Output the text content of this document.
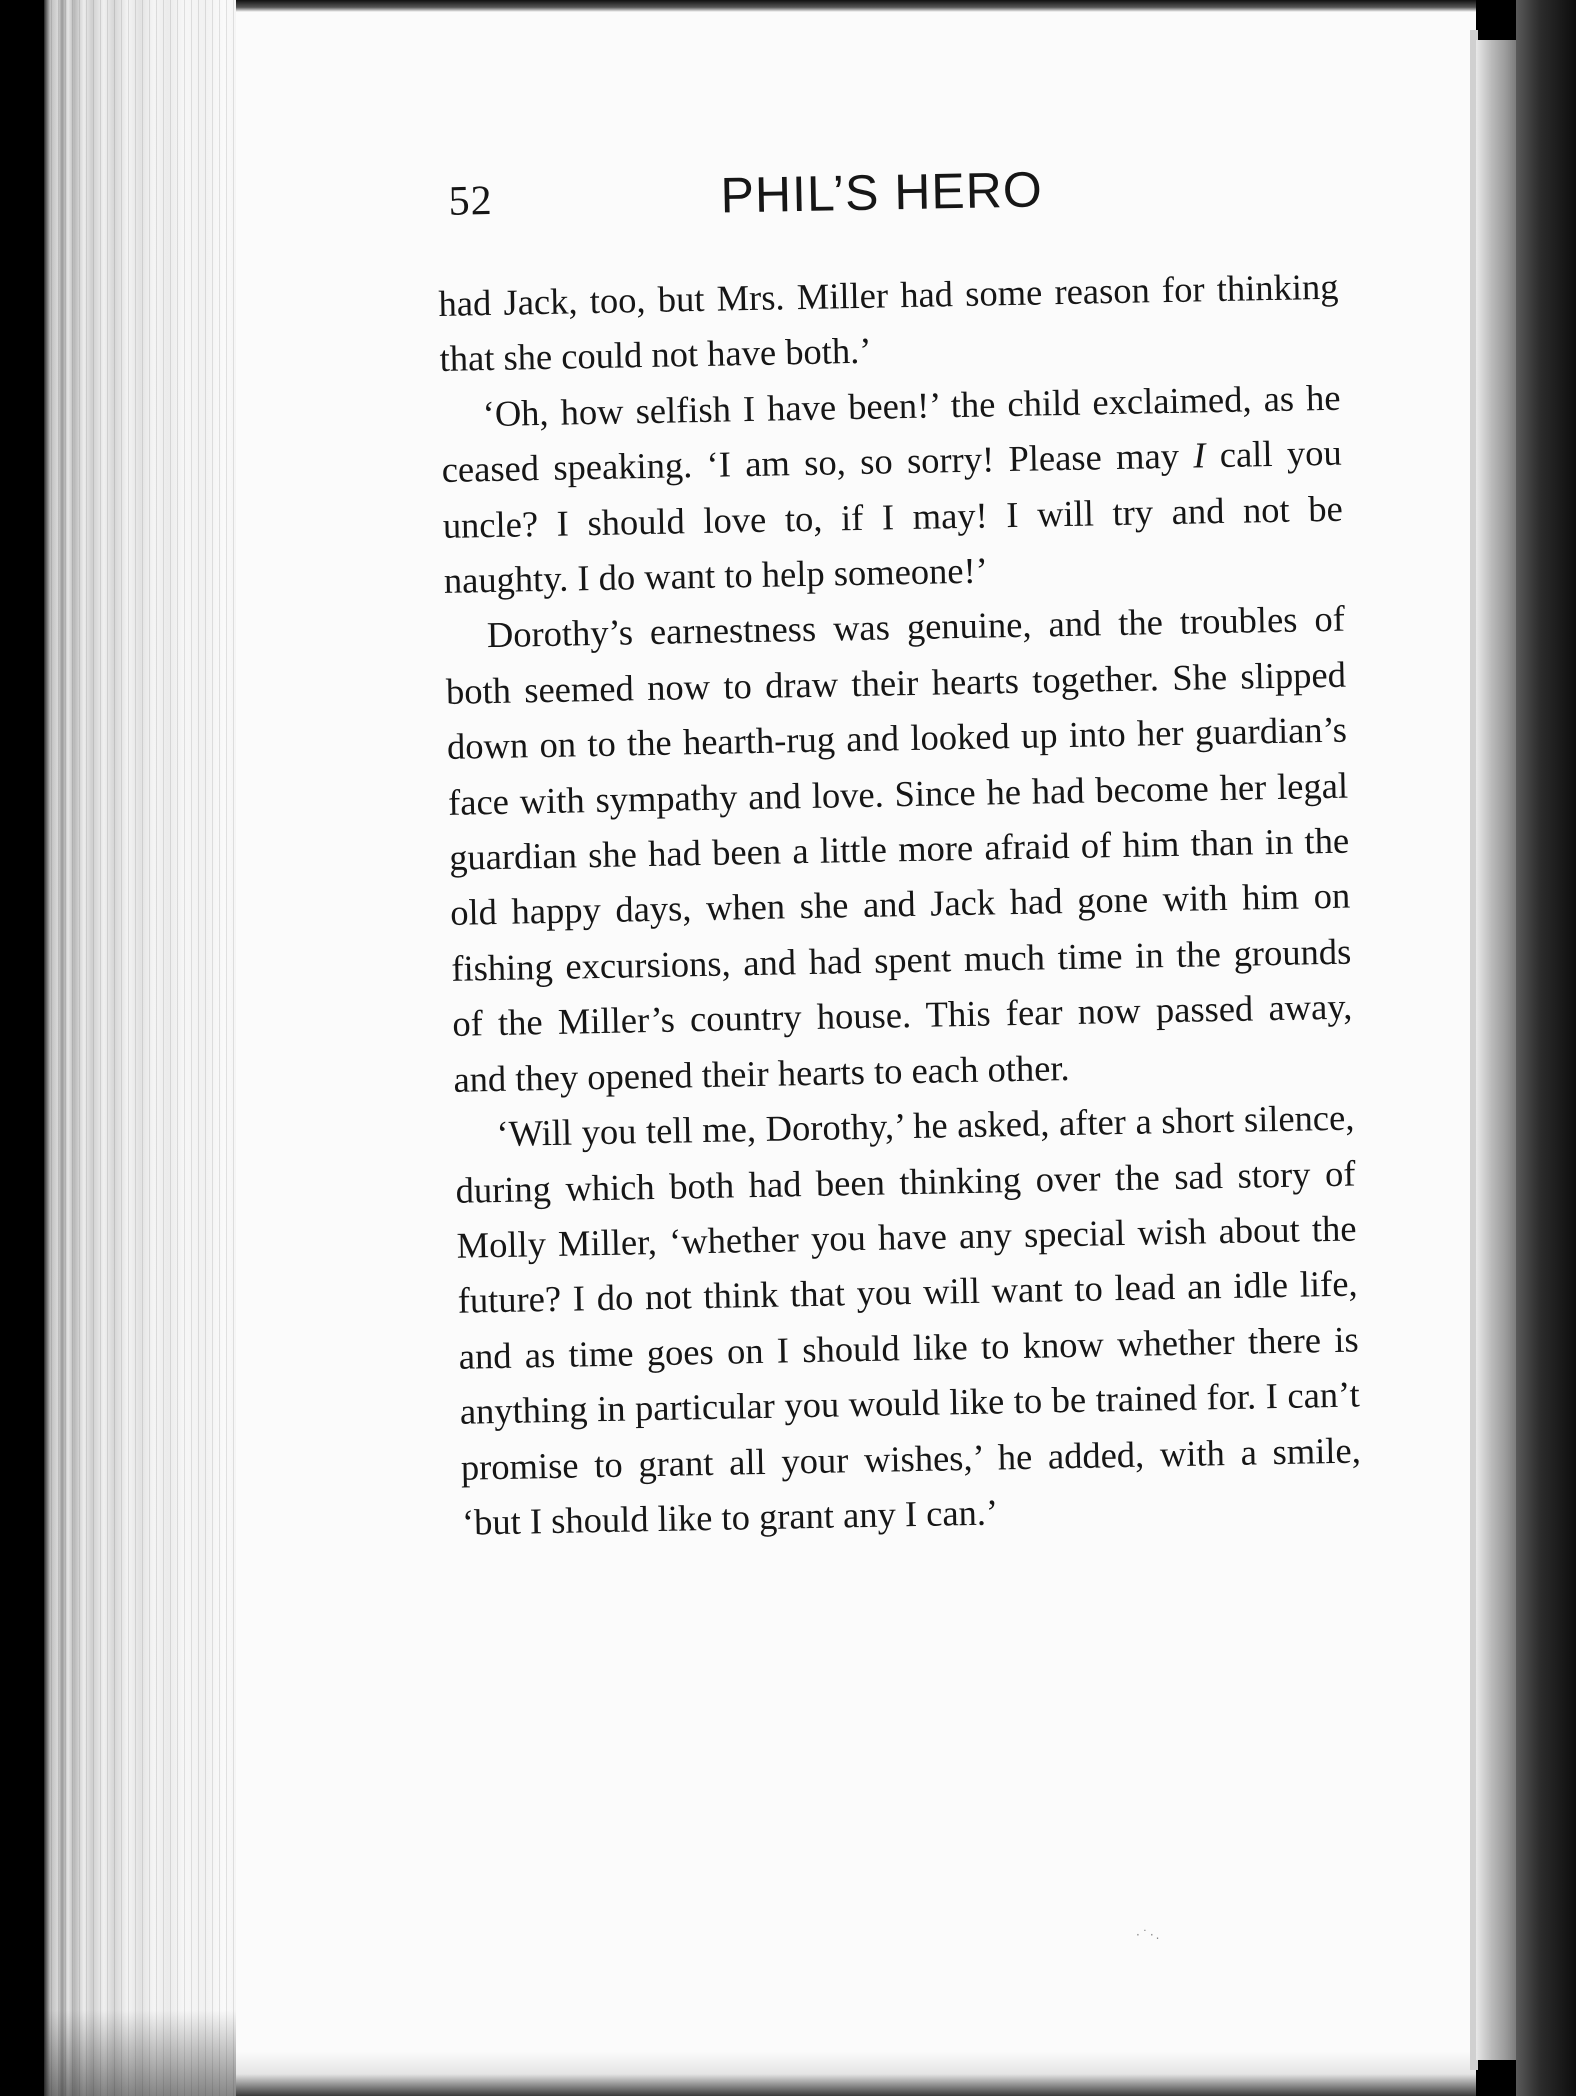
52	PHIL’S HERO

had Jack, too, but Mrs. Miller had some reason for thinking that she could not have both.’

‘Oh, how selfish I have been!’ the child exclaimed, as he ceased speaking. ‘I am so, so sorry! Please may I call you uncle? I should love to, if I may! I will try and not be naughty. I do want to help someone!’

Dorothy’s earnestness was genuine, and the troubles of both seemed now to draw their hearts together. She slipped down on to the hearth-rug and looked up into her guardian’s face with sympathy and love. Since he had become her legal guardian she had been a little more afraid of him than in the old happy days, when she and Jack had gone with him on fishing excursions, and had spent much time in the grounds of the Miller’s country house. This fear now passed away, and they opened their hearts to each other.

‘Will you tell me, Dorothy,’ he asked, after a short silence, during which both had been thinking over the sad story of Molly Miller, ‘whether you have any special wish about the future? I do not think that you will want to lead an idle life, and as time goes on I should like to know whether there is anything in particular you would like to be trained for. I can’t promise to grant all your wishes,’ he added, with a smile, ‘but I should like to grant any I can.’

·˙·.
